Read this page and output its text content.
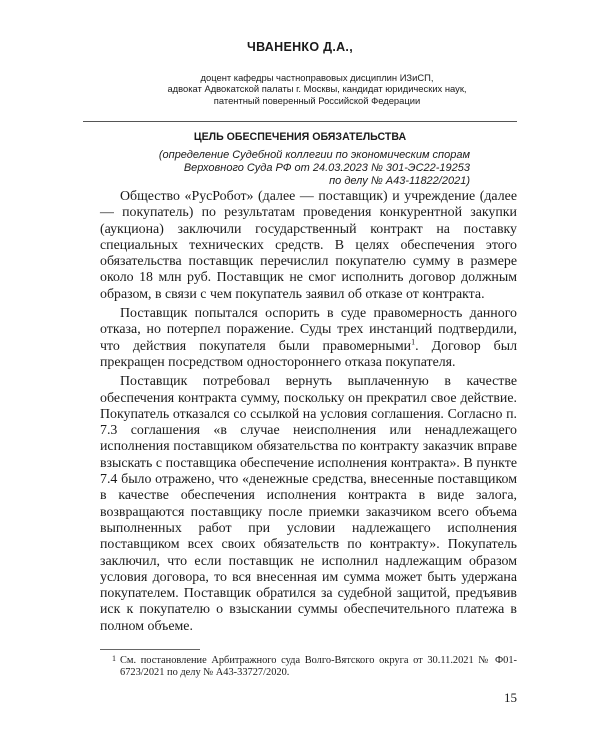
ЧВАНЕНКО Д.А.,
доцент кафедры частноправовых дисциплин ИЗиСП,
адвокат Адвокатской палаты г. Москвы, кандидат юридических наук,
патентный поверенный Российской Федерации
ЦЕЛЬ ОБЕСПЕЧЕНИЯ ОБЯЗАТЕЛЬСТВА
(определение Судебной коллегии по экономическим спорам
Верховного Суда РФ от 24.03.2023 № 301-ЭС22-19253
по делу № А43-11822/2021)

Общество «РусРобот» (далее — поставщик) и учреждение (далее — покупатель) по результатам проведения конкурентной закупки (аукциона) заключили государственный контракт на поставку специальных технических средств. В целях обеспечения этого обязательства поставщик перечислил покупателю сумму в размере около 18 млн руб. Поставщик не смог исполнить договор должным образом, в связи с чем покупатель заявил об отказе от контракта.

Поставщик попытался оспорить в суде правомерность данного отказа, но потерпел поражение. Суды трех инстанций подтвердили, что действия покупателя были правомерными$^1$. Договор был прекращен посредством одностороннего отказа покупателя.

Поставщик потребовал вернуть выплаченную в качестве обеспечения контракта сумму, поскольку он прекратил свое действие. Покупатель отказался со ссылкой на условия соглашения. Согласно п. 7.3 соглашения «в случае неисполнения или ненадлежащего исполнения поставщиком обязательства по контракту заказчик вправе взыскать с поставщика обеспечение исполнения контракта». В пункте 7.4 было отражено, что «денежные средства, внесенные поставщиком в качестве обеспечения исполнения контракта в виде залога, возвращаются поставщику после приемки заказчиком всего объема выполненных работ при условии надлежащего исполнения поставщиком всех своих обязательств по контракту». Покупатель заключил, что если поставщик не исполнил надлежащим образом условия договора, то вся внесенная им сумма может быть удержана покупателем. Поставщик обратился за судебной защитой, предъявив иск к покупателю о взыскании суммы обеспечительного платежа в полном объеме.

1 См. постановление Арбитражного суда Волго-Вятского округа от 30.11.2021 № Ф01-6723/2021 по делу № А43-33727/2020.
15
